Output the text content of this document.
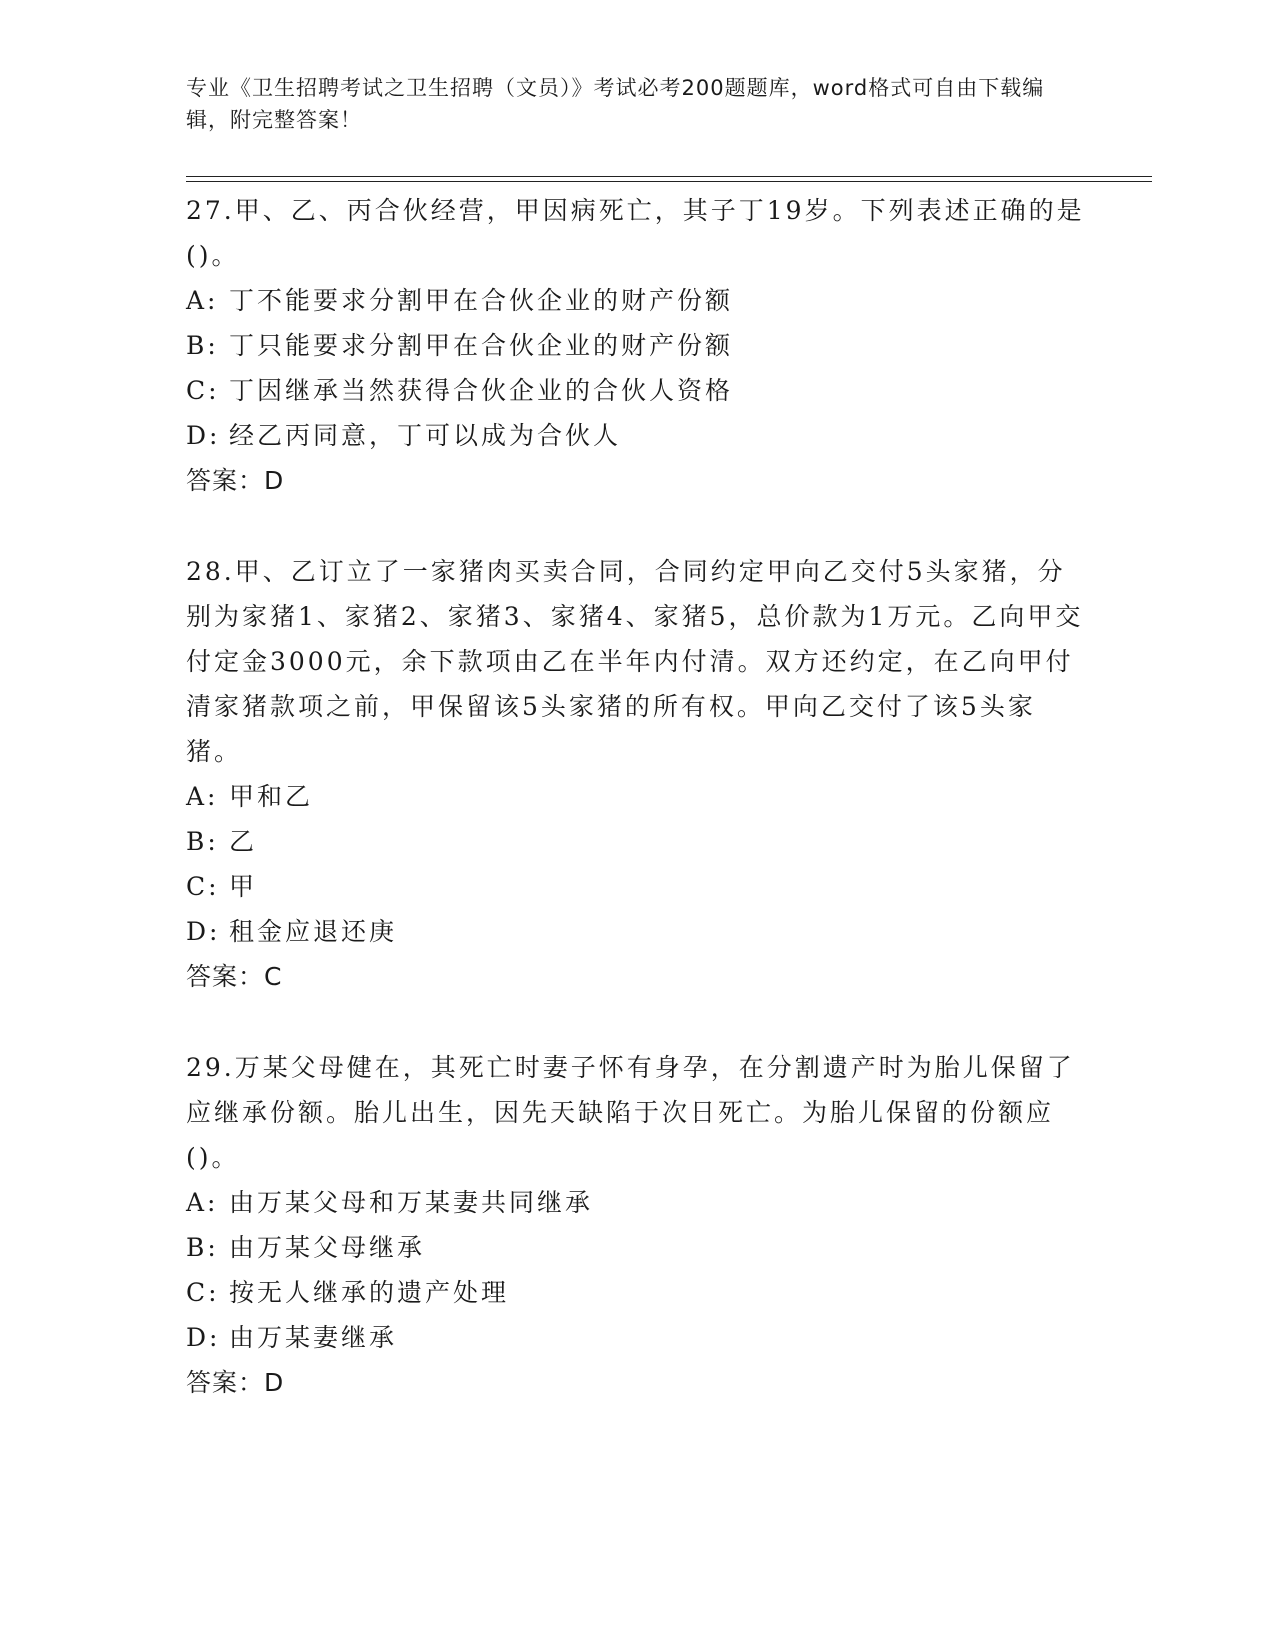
专业《卫生招聘考试之卫生招聘（文员）》考试必考200题题库，word格式可自由下载编辑，附完整答案！

27.甲、乙、丙合伙经营，甲因病死亡，其子丁19岁。下列表述正确的是()。

A: 丁不能要求分割甲在合伙企业的财产份额
B: 丁只能要求分割甲在合伙企业的财产份额
C: 丁因继承当然获得合伙企业的合伙人资格
D: 经乙丙同意，丁可以成为合伙人

答案：D

28.甲、乙订立了一家猪肉买卖合同，合同约定甲向乙交付5头家猪，分别为家猪1、家猪2、家猪3、家猪4、家猪5，总价款为1万元。乙向甲交付定金3000元，余下款项由乙在半年内付清。双方还约定，在乙向甲付清家猪款项之前，甲保留该5头家猪的所有权。甲向乙交付了该5头家猪。

A: 甲和乙
B: 乙
C: 甲
D: 租金应退还庚

答案：C

29.万某父母健在，其死亡时妻子怀有身孕，在分割遗产时为胎儿保留了应继承份额。胎儿出生，因先天缺陷于次日死亡。为胎儿保留的份额应()。

A: 由万某父母和万某妻共同继承
B: 由万某父母继承
C: 按无人继承的遗产处理
D: 由万某妻继承

答案：D
